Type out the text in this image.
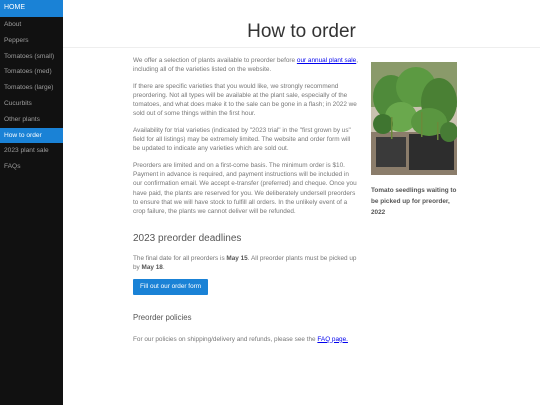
HOME
About
Peppers
Tomatoes (small)
Tomatoes (med)
Tomatoes (large)
Cucurbits
Other plants
How to order
2023 plant sale
FAQs
How to order

We offer a selection of plants available to preorder before our annual plant sale, including all of the varieties listed on the website.

If there are specific varieties that you would like, we strongly recommend preordering. Not all types will be available at the plant sale, especially of the tomatoes, and what does make it to the sale can be gone in a flash; in 2022 we sold out of some things within the first hour.

Availability for trial varieties (indicated by "2023 trial" in the "first grown by us" field for all listings) may be extremely limited. The website and order form will be updated to indicate any varieties which are sold out.

Preorders are limited and on a first-come basis. The minimum order is $10. Payment in advance is required, and payment instructions will be included in our confirmation email. We accept e-transfer (preferred) and cheque. Once you have paid, the plants are reserved for you. We deliberately undersell preorders to ensure that we will have stock to fulfill all orders. In the unlikely event of a crop failure, the plants we cannot deliver will be refunded.

2023 preorder deadlines

The final date for all preorders is May 15. All preorder plants must be picked up by May 18.

Fill out our order form
Preorder policies

For our policies on shipping/delivery and refunds, please see the FAQ page.

Tomato seedlings waiting to be picked up for preorder, 2022
